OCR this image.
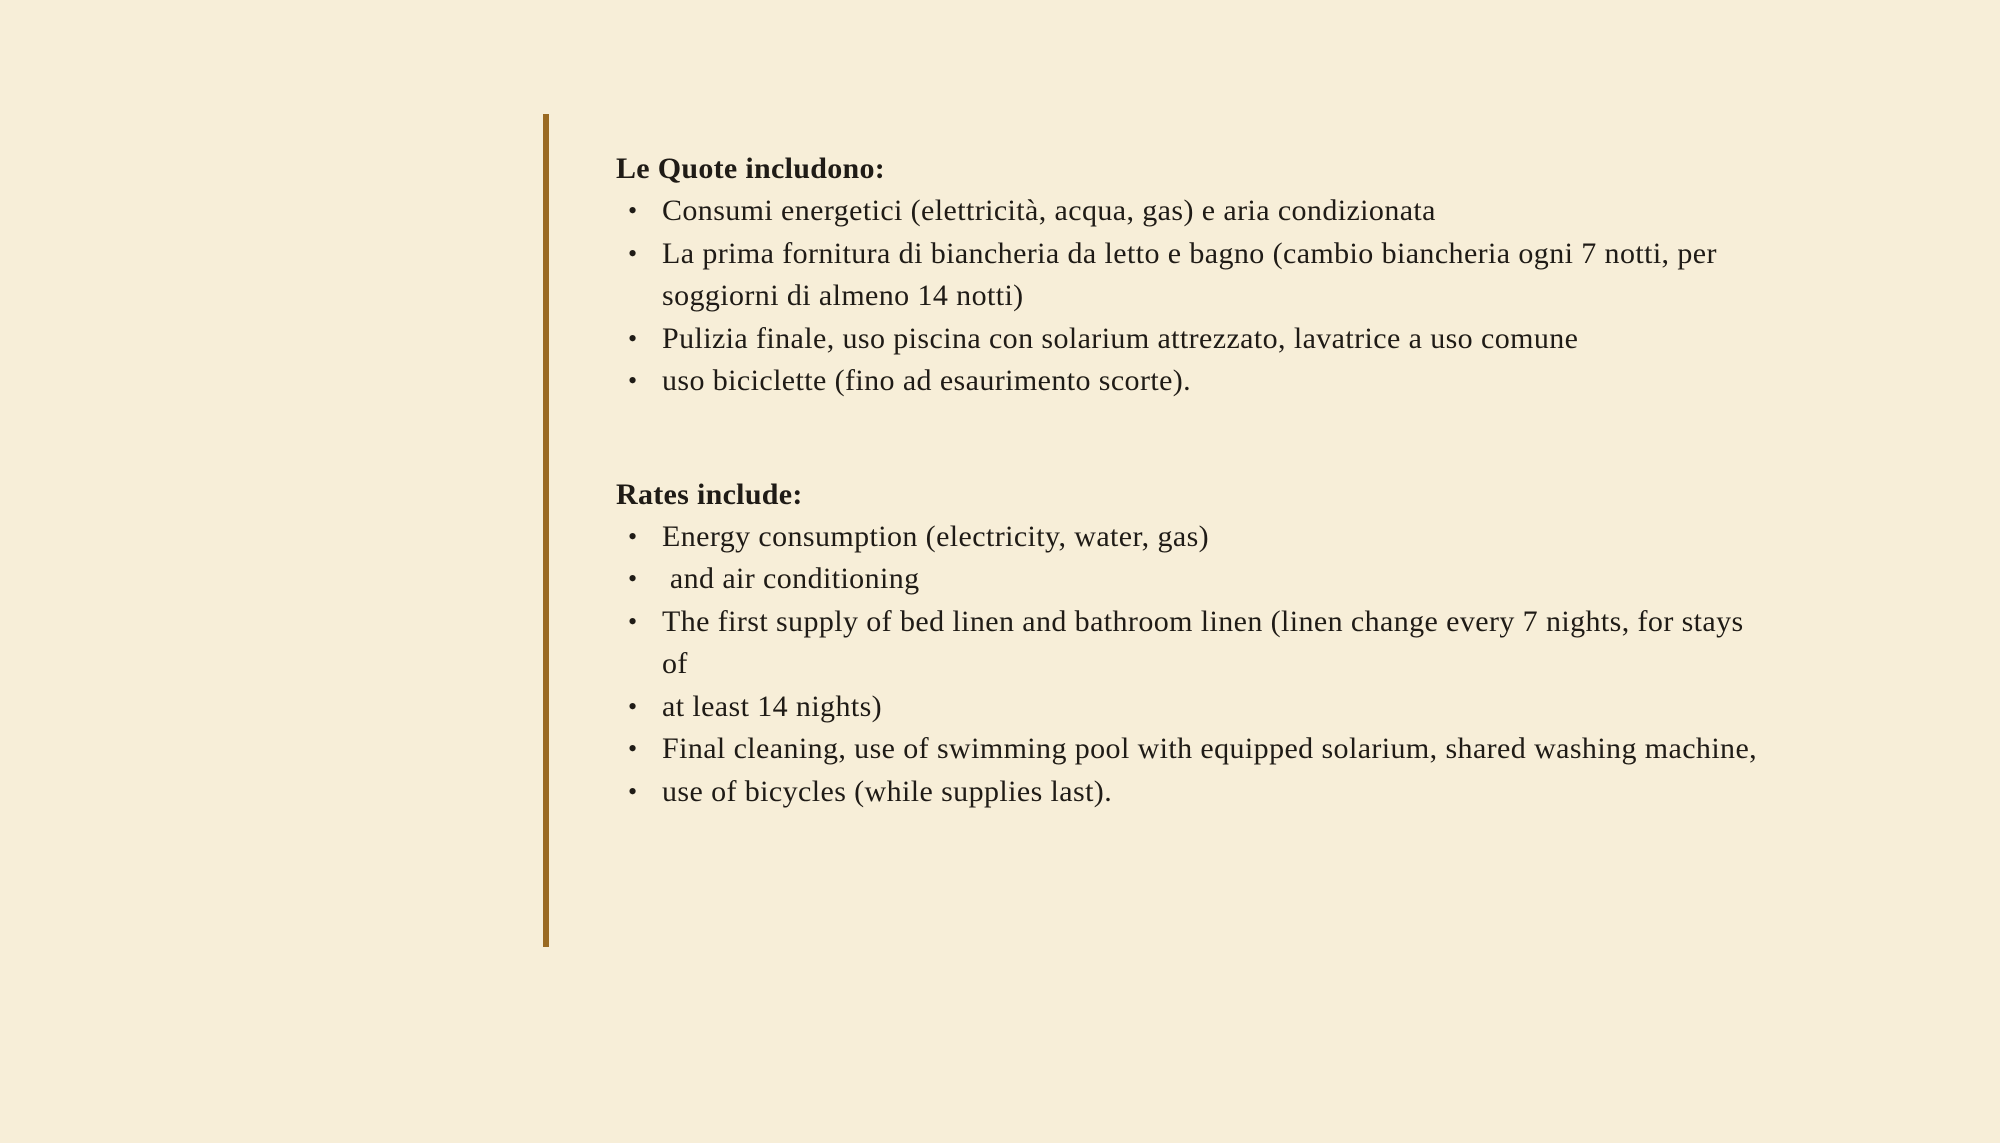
Le Quote includono:

• Consumi energetici (elettricità, acqua, gas) e aria condizionata
• La prima fornitura di biancheria da letto e bagno (cambio biancheria ogni 7 notti, per soggiorni di almeno 14 notti)
• Pulizia finale, uso piscina con solarium attrezzato, lavatrice a uso comune
• uso biciclette (fino ad esaurimento scorte).

Rates include:

• Energy consumption (electricity, water, gas)
• and air conditioning
• The first supply of bed linen and bathroom linen (linen change every 7 nights, for stays of
• at least 14 nights)
• Final cleaning, use of swimming pool with equipped solarium, shared washing machine,
• use of bicycles (while supplies last).
